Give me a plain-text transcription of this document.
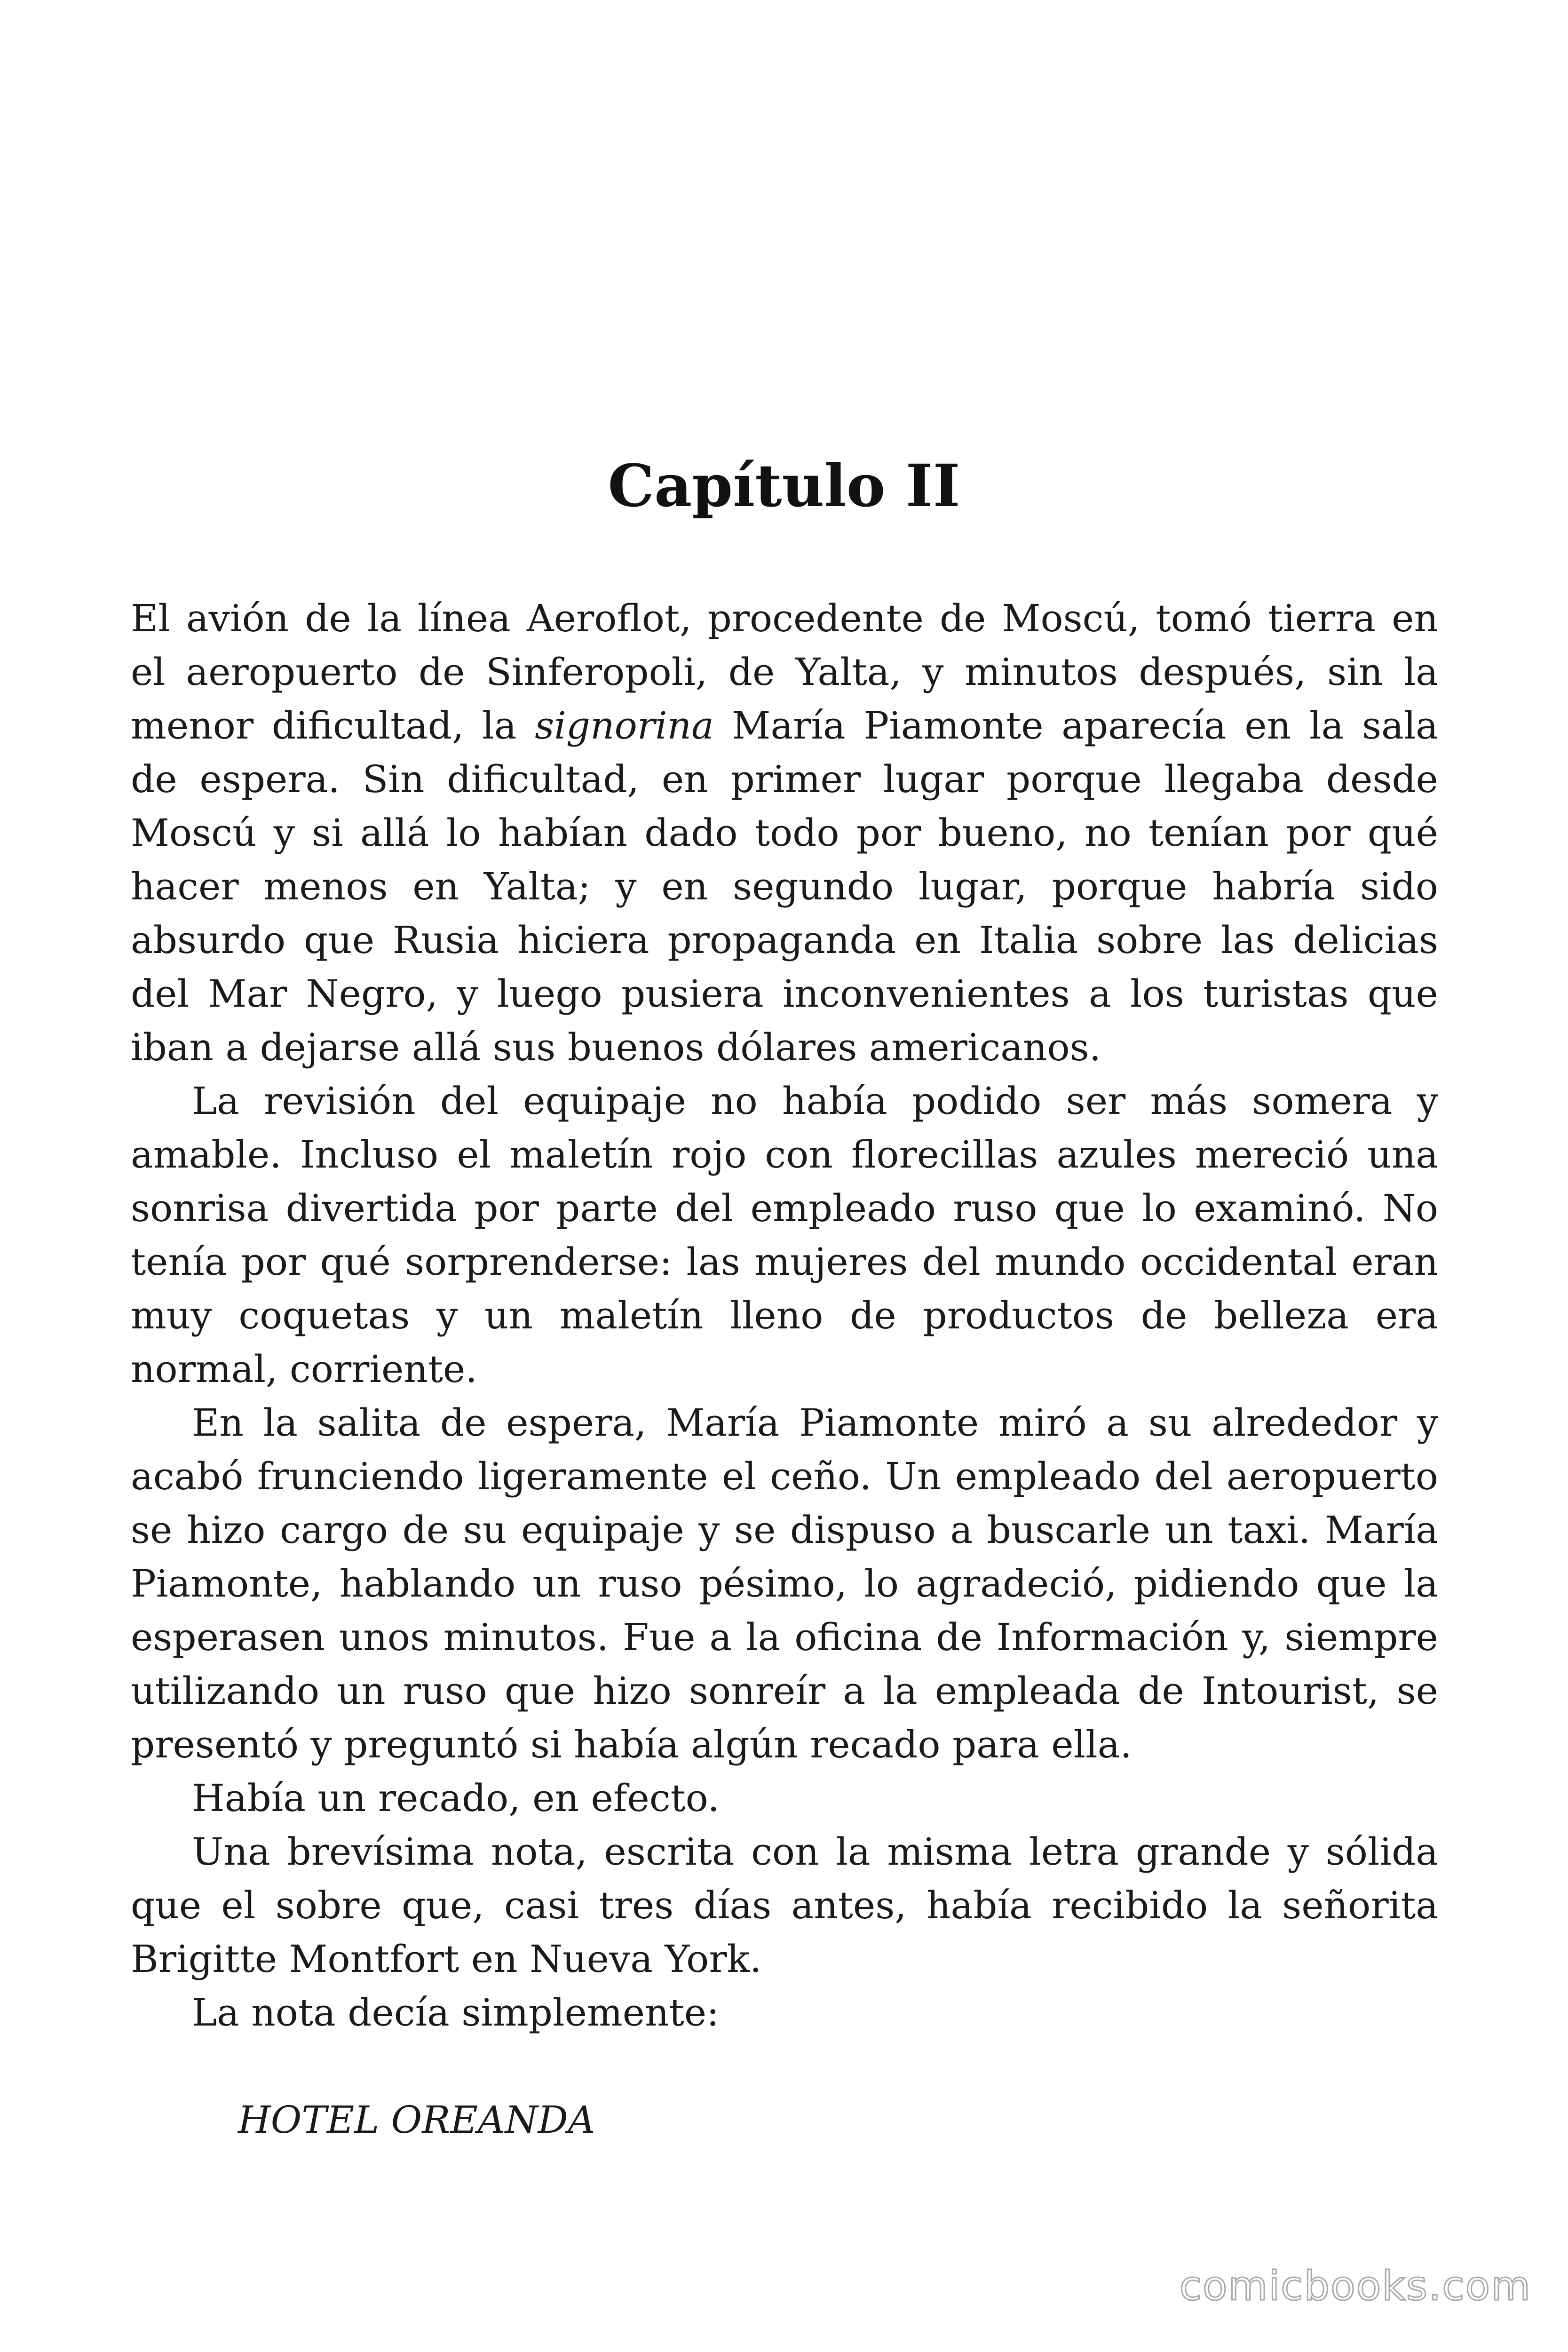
Capítulo II

El avión de la línea Aeroflot, procedente de Moscú, tomó tierra en el aeropuerto de Sinferopoli, de Yalta, y minutos después, sin la menor dificultad, la signorina María Piamonte aparecía en la sala de espera. Sin dificultad, en primer lugar porque llegaba desde Moscú y si allá lo habían dado todo por bueno, no tenían por qué hacer menos en Yalta; y en segundo lugar, porque habría sido absurdo que Rusia hiciera propaganda en Italia sobre las delicias del Mar Negro, y luego pusiera inconvenientes a los turistas que iban a dejarse allá sus buenos dólares americanos.

La revisión del equipaje no había podido ser más somera y amable. Incluso el maletín rojo con florecillas azules mereció una sonrisa divertida por parte del empleado ruso que lo examinó. No tenía por qué sorprenderse: las mujeres del mundo occidental eran muy coquetas y un maletín lleno de productos de belleza era normal, corriente.

En la salita de espera, María Piamonte miró a su alrededor y acabó frunciendo ligeramente el ceño. Un empleado del aeropuerto se hizo cargo de su equipaje y se dispuso a buscarle un taxi. María Piamonte, hablando un ruso pésimo, lo agradeció, pidiendo que la esperasen unos minutos. Fue a la oficina de Información y, siempre utilizando un ruso que hizo sonreír a la empleada de Intourist, se presentó y preguntó si había algún recado para ella.

Había un recado, en efecto.

Una brevísima nota, escrita con la misma letra grande y sólida que el sobre que, casi tres días antes, había recibido la señorita Brigitte Montfort en Nueva York.

La nota decía simplemente:

HOTEL OREANDA

comicbooks.com
